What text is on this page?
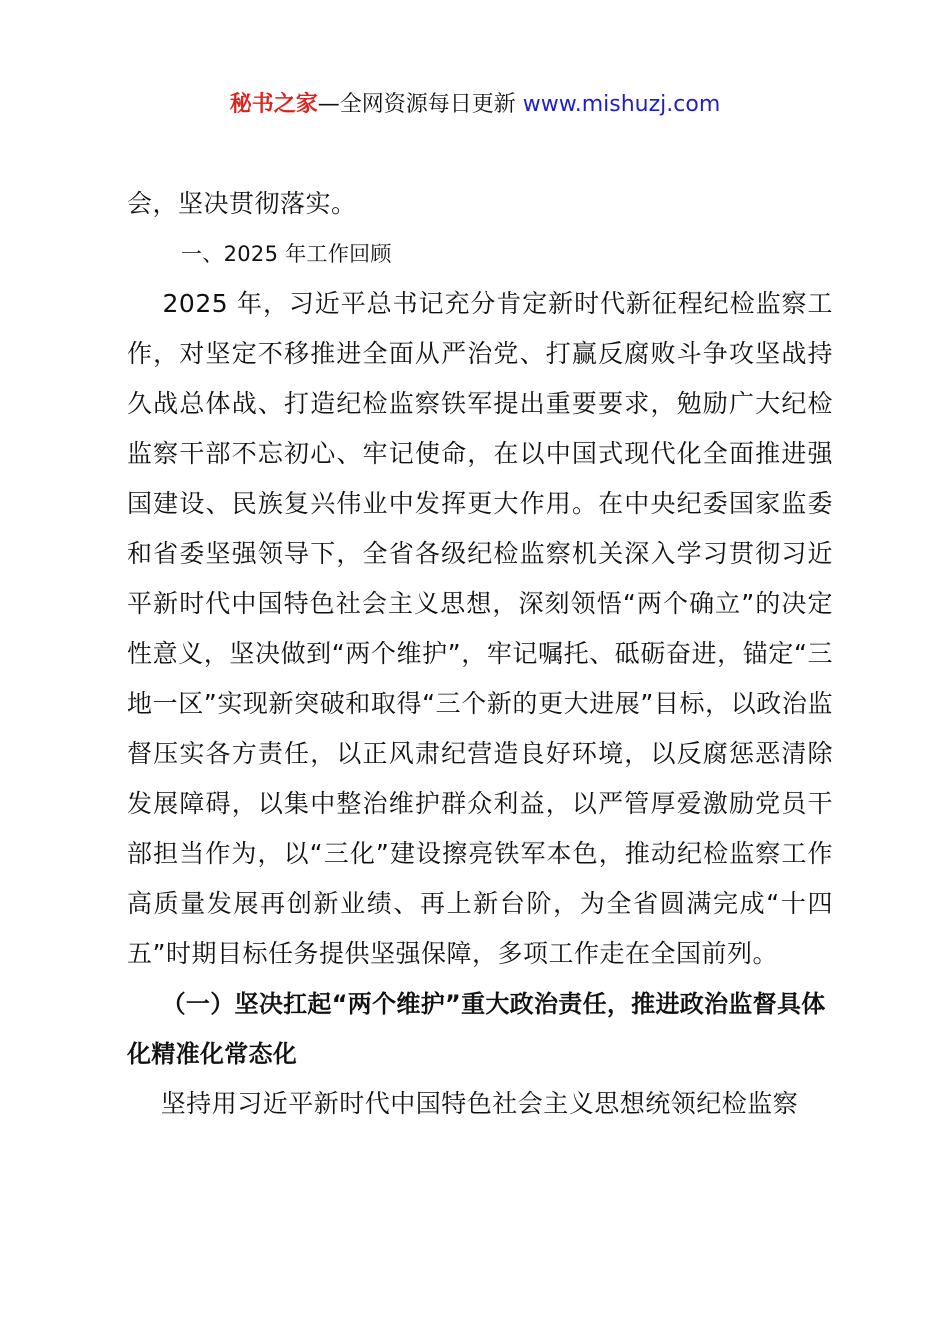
秘书之家—全网资源每日更新 www.mishuzj.com

会，坚决贯彻落实。

一、2025 年工作回顾

2025 年，习近平总书记充分肯定新时代新征程纪检监察工作，对坚定不移推进全面从严治党、打赢反腐败斗争攻坚战持久战总体战、打造纪检监察铁军提出重要要求，勉励广大纪检监察干部不忘初心、牢记使命，在以中国式现代化全面推进强国建设、民族复兴伟业中发挥更大作用。在中央纪委国家监委和省委坚强领导下，全省各级纪检监察机关深入学习贯彻习近平新时代中国特色社会主义思想，深刻领悟“两个确立”的决定性意义，坚决做到“两个维护”，牢记嘱托、砥砺奋进，锚定“三地一区”实现新突破和取得“三个新的更大进展”目标，以政治监督压实各方责任，以正风肃纪营造良好环境，以反腐惩恶清除发展障碍，以集中整治维护群众利益，以严管厚爱激励党员干部担当作为，以“三化”建设擦亮铁军本色，推动纪检监察工作高质量发展再创新业绩、再上新台阶，为全省圆满完成“十四五”时期目标任务提供坚强保障，多项工作走在全国前列。

（一）坚决扛起“两个维护”重大政治责任，推进政治监督具体化精准化常态化

坚持用习近平新时代中国特色社会主义思想统领纪检监察
